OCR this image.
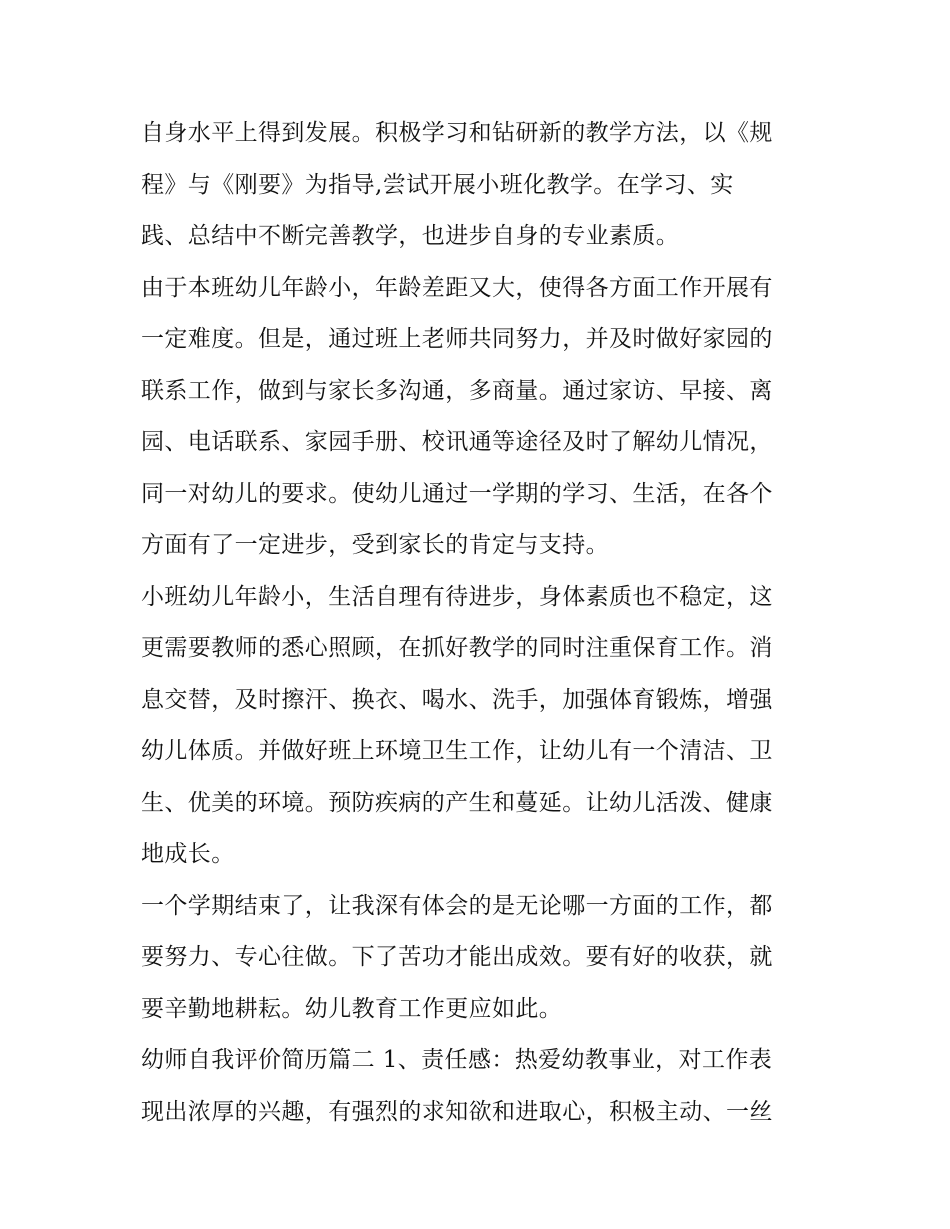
自身水平上得到发展。积极学习和钻研新的教学方法，以《规
程》与《刚要》为指导,尝试开展小班化教学。在学习、实
践、总结中不断完善教学，也进步自身的专业素质。
由于本班幼儿年龄小，年龄差距又大，使得各方面工作开展有
一定难度。但是，通过班上老师共同努力，并及时做好家园的
联系工作，做到与家长多沟通，多商量。通过家访、早接、离
园、电话联系、家园手册、校讯通等途径及时了解幼儿情况，
同一对幼儿的要求。使幼儿通过一学期的学习、生活，在各个
方面有了一定进步，受到家长的肯定与支持。
小班幼儿年龄小，生活自理有待进步，身体素质也不稳定，这
更需要教师的悉心照顾，在抓好教学的同时注重保育工作。消
息交替，及时擦汗、换衣、喝水、洗手，加强体育锻炼，增强
幼儿体质。并做好班上环境卫生工作，让幼儿有一个清洁、卫
生、优美的环境。预防疾病的产生和蔓延。让幼儿活泼、健康
地成长。
一个学期结束了，让我深有体会的是无论哪一方面的工作，都
要努力、专心往做。下了苦功才能出成效。要有好的收获，就
要辛勤地耕耘。幼儿教育工作更应如此。
幼师自我评价简历篇二 1、责任感：热爱幼教事业，对工作表
现出浓厚的兴趣，有强烈的求知欲和进取心，积极主动、一丝
